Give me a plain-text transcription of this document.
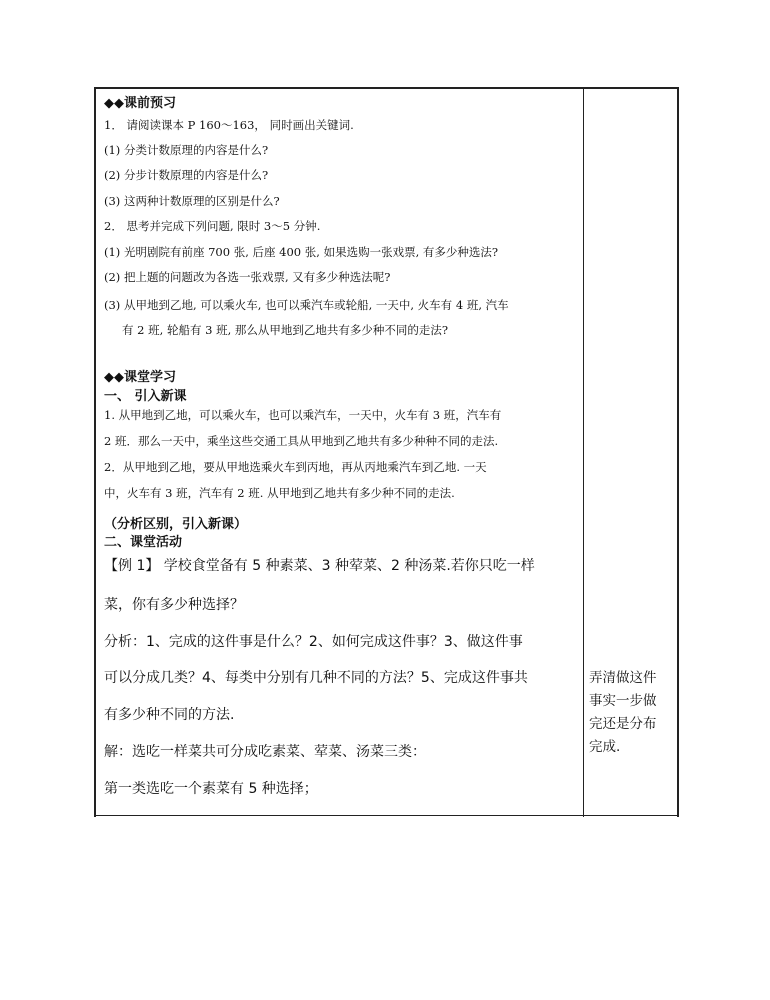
◆◆课前预习
1． 请阅读课本 P 160～163， 同时画出关键词.
(1) 分类计数原理的内容是什么?
(2) 分步计数原理的内容是什么?
(3) 这两种计数原理的区别是什么?
2． 思考并完成下列问题, 限时 3～5 分钟.
(1) 光明剧院有前座 700 张, 后座 400 张, 如果选购一张戏票, 有多少种选法?
(2) 把上题的问题改为各选一张戏票, 又有多少种选法呢?
(3) 从甲地到乙地, 可以乘火车, 也可以乘汽车或轮船, 一天中, 火车有 4 班, 汽车
有 2 班, 轮船有 3 班, 那么从甲地到乙地共有多少种不同的走法?
◆◆课堂学习
一、 引入新课
1. 从甲地到乙地，可以乘火车，也可以乘汽车，一天中，火车有 3 班，汽车有
2 班．那么一天中，乘坐这些交通工具从甲地到乙地共有多少种种不同的走法.
2．从甲地到乙地，要从甲地选乘火车到丙地，再从丙地乘汽车到乙地. 一天
中，火车有 3 班，汽车有 2 班. 从甲地到乙地共有多少种不同的走法.
（分析区别，引入新课）
二、课堂活动
【例 1】 学校食堂备有 5 种素菜、3 种荤菜、2 种汤菜.若你只吃一样
菜，你有多少种选择？
分析：1、完成的这件事是什么？2、如何完成这件事？3、做这件事
可以分成几类？4、每类中分别有几种不同的方法？5、完成这件事共
有多少种不同的方法.
解：选吃一样菜共可分成吃素菜、荤菜、汤菜三类：
第一类选吃一个素菜有 5 种选择；
弄清做这件
事实一步做
完还是分布
完成.
